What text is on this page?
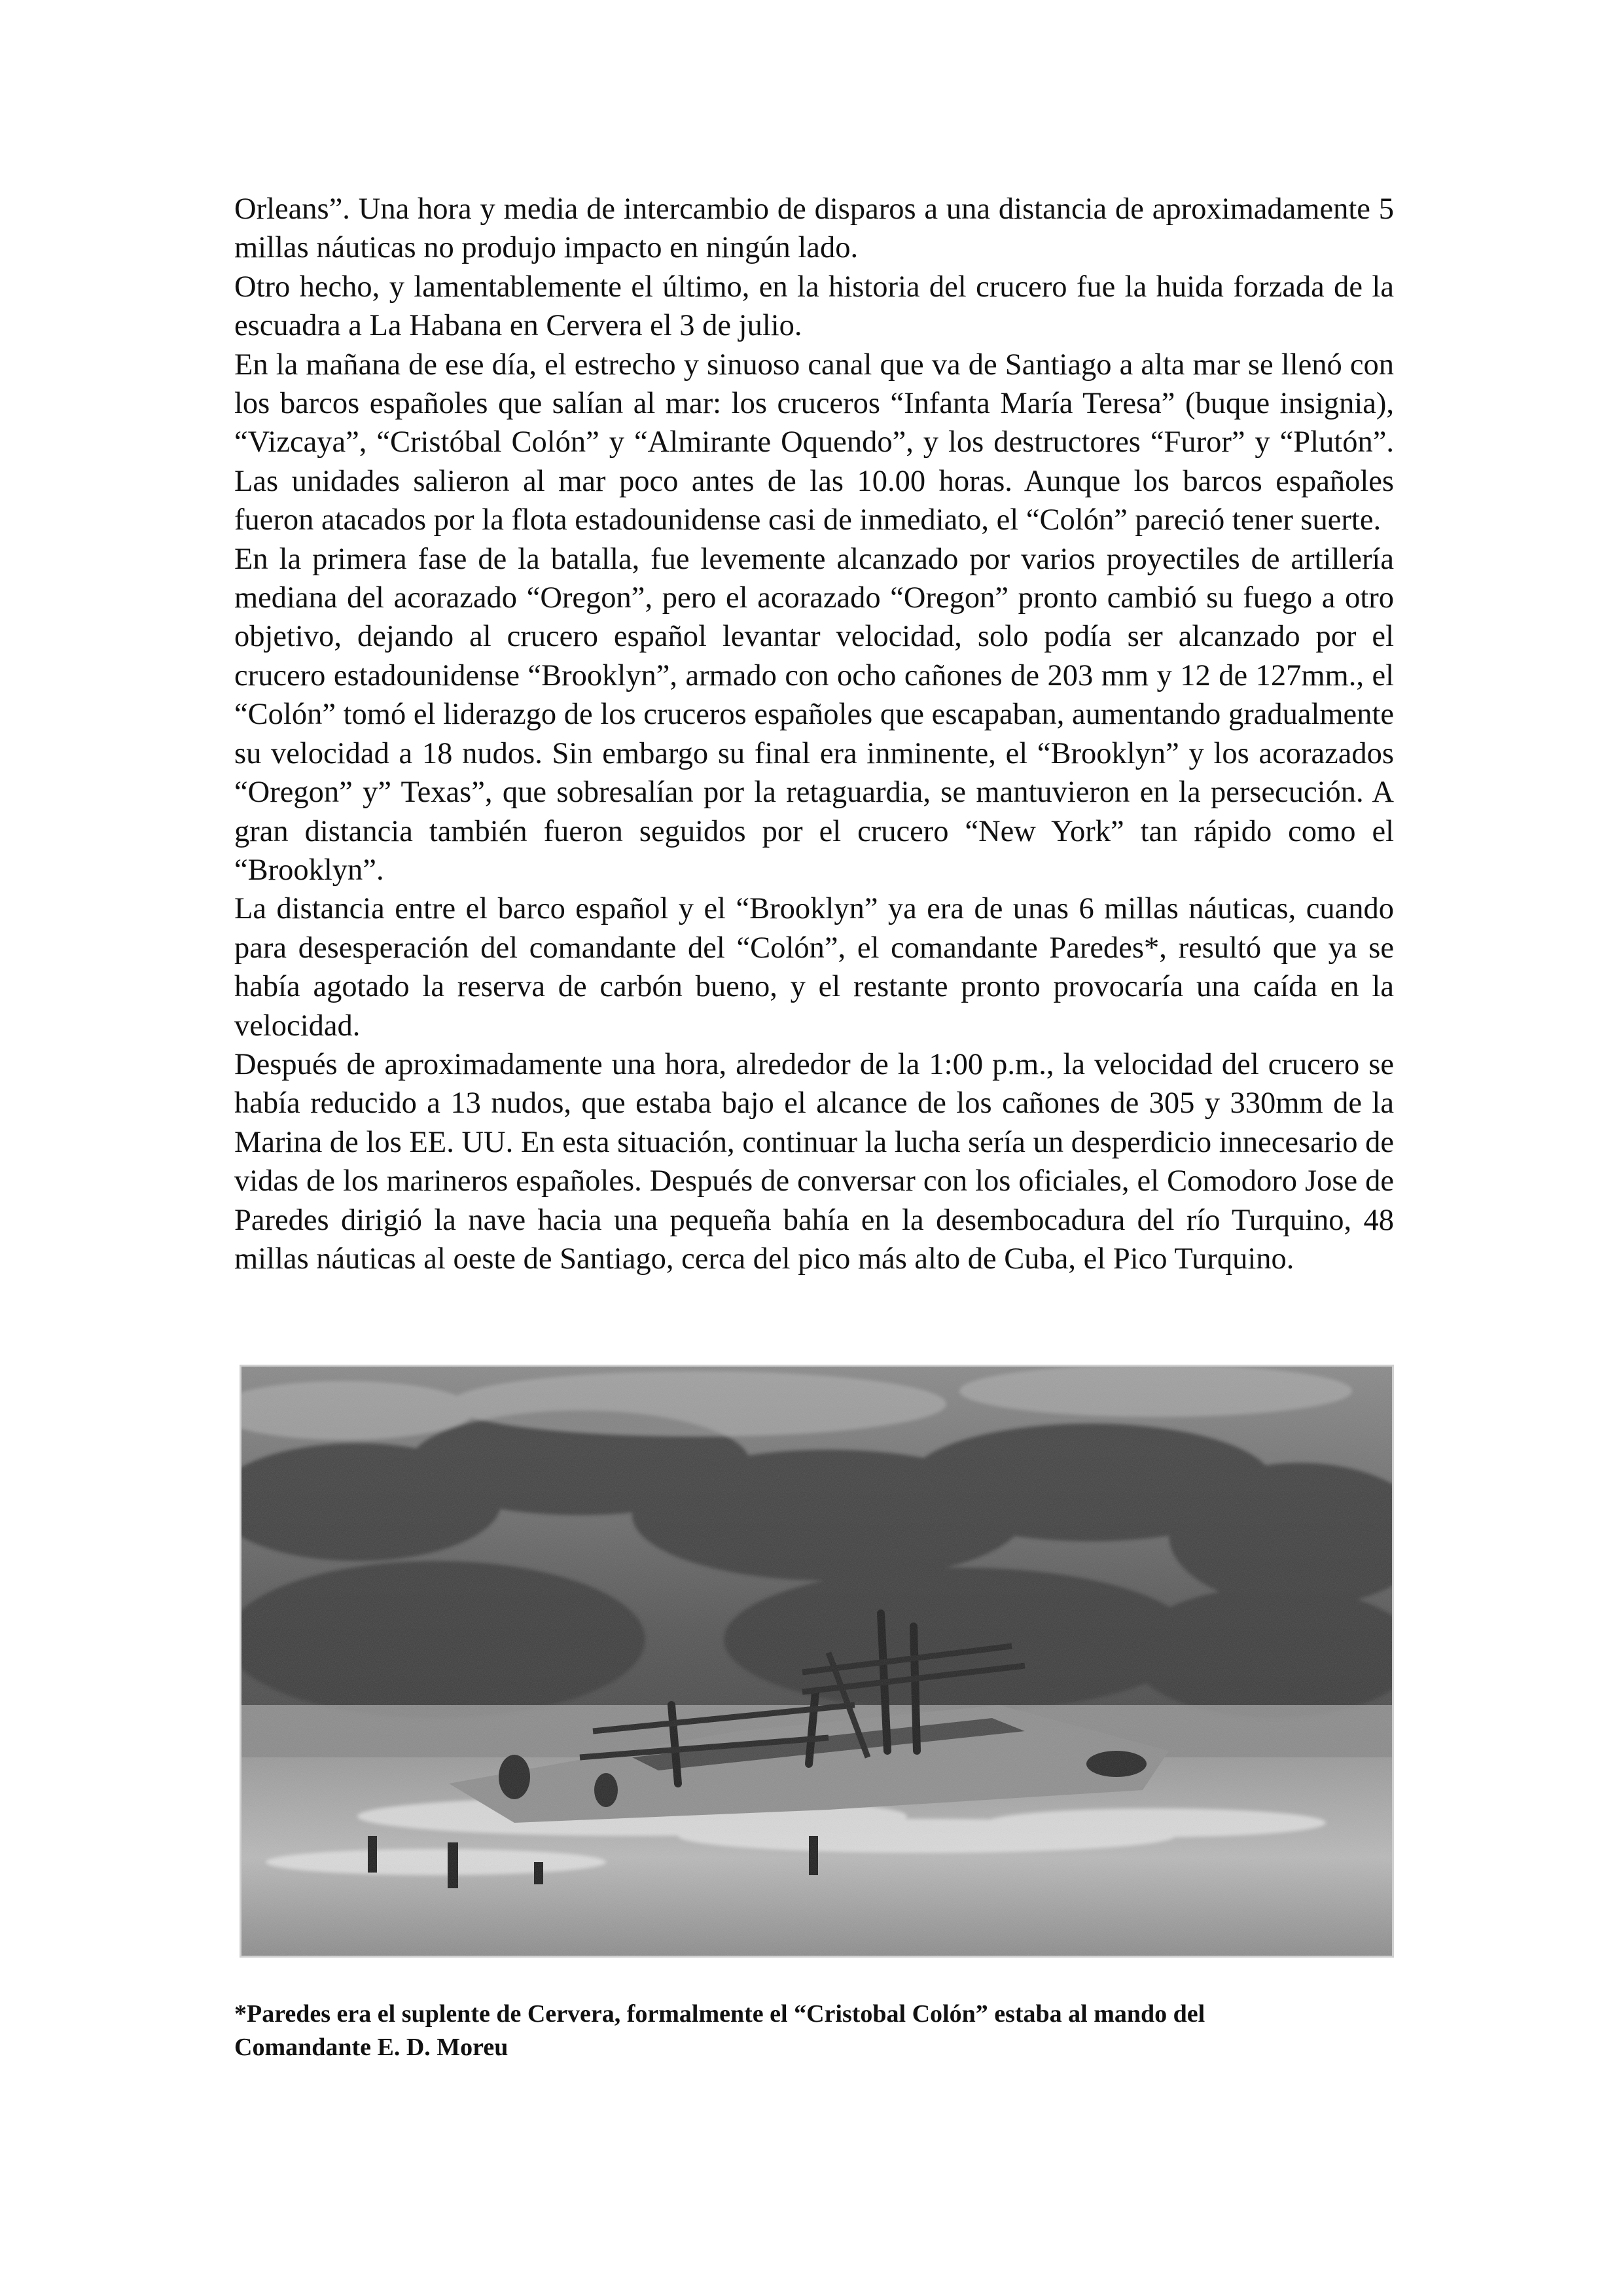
Orleans”. Una hora y media de intercambio de disparos a una distancia de aproximadamente 5 millas náuticas no produjo impacto en ningún lado.

Otro hecho, y lamentablemente el último, en la historia del crucero fue la huida forzada de la escuadra a La Habana en Cervera el 3 de julio.

En la mañana de ese día, el estrecho y sinuoso canal que va de Santiago a alta mar se llenó con los barcos españoles que salían al mar: los cruceros “Infanta María Teresa” (buque insignia), “Vizcaya”, “Cristóbal Colón” y “Almirante Oquendo”, y los destructores “Furor” y “Plutón”. Las unidades salieron al mar poco antes de las 10.00 horas. Aunque los barcos españoles fueron atacados por la flota estadounidense casi de inmediato, el “Colón” pareció tener suerte.

En la primera fase de la batalla, fue levemente alcanzado por varios proyectiles de artillería mediana del acorazado “Oregon”, pero el acorazado “Oregon” pronto cambió su fuego a otro objetivo, dejando al crucero español levantar velocidad, solo podía ser alcanzado por el crucero estadounidense “Brooklyn”, armado con ocho cañones de 203 mm y 12 de 127mm., el “Colón” tomó el liderazgo de los cruceros españoles que escapaban, aumentando gradualmente su velocidad a 18 nudos. Sin embargo su final era inminente, el “Brooklyn” y los acorazados “Oregon” y” Texas”, que sobresalían por la retaguardia, se mantuvieron en la persecución. A gran distancia también fueron seguidos por el crucero “New York” tan rápido como el “Brooklyn”.

La distancia entre el barco español y el “Brooklyn” ya era de unas 6 millas náuticas, cuando para desesperación del comandante del “Colón”, el comandante Paredes*, resultó que ya se había agotado la reserva de carbón bueno, y el restante pronto provocaría una caída en la velocidad.

Después de aproximadamente una hora, alrededor de la 1:00 p.m., la velocidad del crucero se había reducido a 13 nudos, que estaba bajo el alcance de los cañones de 305 y 330mm de la Marina de los EE. UU. En esta situación, continuar la lucha sería un desperdicio innecesario de vidas de los marineros españoles. Después de conversar con los oficiales, el Comodoro Jose de Paredes dirigió la nave hacia una pequeña bahía en la desembocadura del río Turquino, 48 millas náuticas al oeste de Santiago, cerca del pico más alto de Cuba, el Pico Turquino.

*Paredes era el suplente de Cervera, formalmente el “Cristobal Colón” estaba al mando del

Comandante E. D. Moreu
